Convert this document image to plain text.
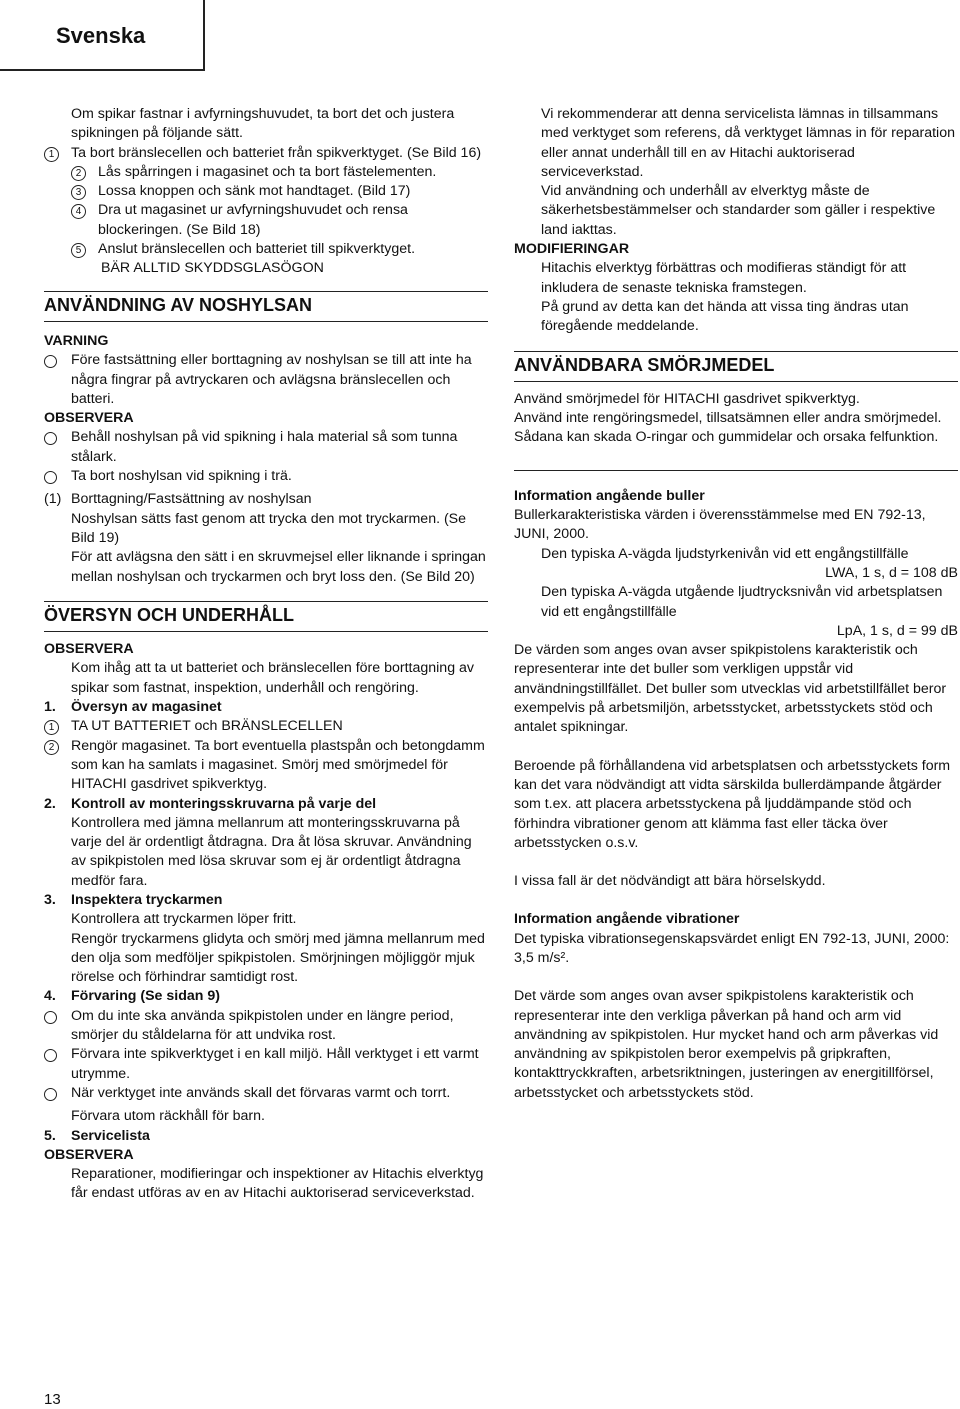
Svenska

Om spikar fastnar i avfyrningshuvudet, ta bort det och justera spikningen på följande sätt.

1	Ta bort bränslecellen och batteriet från spikverktyget. (Se Bild 16)
2	Lås spårringen i magasinet och ta bort fästelementen.
3	Lossa knoppen och sänk mot handtaget. (Bild 17)
4	Dra ut magasinet ur avfyrningshuvudet och rensa blockeringen. (Se Bild 18)
5	Anslut bränslecellen och batteriet till spikverktyget.

BÄR ALLTID SKYDDSGLASÖGON

ANVÄNDNING AV NOSHYLSAN

VARNING

Före fastsättning eller borttagning av noshylsan se till att inte ha några fingrar på avtryckaren och avlägsna bränslecellen och batteri.

OBSERVERA

Behåll noshylsan på vid spikning i hala material så som tunna stålark.
Ta bort noshylsan vid spikning i trä.
(1) Borttagning/Fastsättning av noshylsan

Noshylsan sätts fast genom att trycka den mot tryckarmen. (Se Bild 19)

För att avlägsna den sätt i en skruvmejsel eller liknande i springan mellan noshylsan och tryckarmen och bryt loss den. (Se Bild 20)

ÖVERSYN OCH UNDERHÅLL

OBSERVERA

Kom ihåg att ta ut batteriet och bränslecellen före borttagning av spikar som fastnat, inspektion, underhåll och rengöring.

1.	Översyn av magasinet
1	TA UT BATTERIET och BRÄNSLECELLEN
2	Rengör magasinet. Ta bort eventuella plastspån och betongdamm som kan ha samlats i magasinet. Smörj med smörjmedel för HITACHI gasdrivet spikverktyg.
2.	Kontroll av monteringsskruvarna på varje del

Kontrollera med jämna mellanrum att monteringsskruvarna på varje del är ordentligt åtdragna. Dra åt lösa skruvar. Användning av spikpistolen med lösa skruvar som ej är ordentligt åtdragna medför fara.

3.	Inspektera tryckarmen

Kontrollera att tryckarmen löper fritt.

Rengör tryckarmens glidyta och smörj med jämna mellanrum med den olja som medföljer spikpistolen. Smörjningen möjliggör mjuk rörelse och förhindrar samtidigt rost.

4.	Förvaring (Se sidan 9)
Om du inte ska använda spikpistolen under en längre period, smörjer du ståldelarna för att undvika rost.
Förvara inte spikverktyget i en kall miljö. Håll verktyget i ett varmt utrymme.
När verktyget inte används skall det förvaras varmt och torrt.

Förvara utom räckhåll för barn.

5.	Servicelista

OBSERVERA

Reparationer, modifieringar och inspektioner av Hitachis elverktyg får endast utföras av en av Hitachi auktoriserad serviceverkstad.

Vi rekommenderar att denna servicelista lämnas in tillsammans med verktyget som referens, då verktyget lämnas in för reparation eller annat underhåll till en av Hitachi auktoriserad serviceverkstad.

Vid användning och underhåll av elverktyg måste de säkerhetsbestämmelser och standarder som gäller i respektive land iakttas.

MODIFIERINGAR

Hitachis elverktyg förbättras och modifieras ständigt för att inkludera de senaste tekniska framstegen.

På grund av detta kan det hända att vissa ting ändras utan föregående meddelande.

ANVÄNDBARA SMÖRJMEDEL

Använd smörjmedel för HITACHI gasdrivet spikverktyg.

Använd inte rengöringsmedel, tillsatsämnen eller andra smörjmedel. Sådana kan skada O-ringar och gummidelar och orsaka felfunktion.

Information angående buller

Bullerkarakteristiska värden i överensstämmelse med EN 792-13, JUNI, 2000.

Den typiska A-vägda ljudstyrkenivån vid ett engångstillfälle

LWA, 1 s, d = 108 dB

Den typiska A-vägda utgående ljudtrycksnivån vid arbetsplatsen vid ett engångstillfälle

LpA, 1 s, d = 99 dB

De värden som anges ovan avser spikpistolens karakteristik och representerar inte det buller som verkligen uppstår vid användningstillfället. Det buller som utvecklas vid arbetstillfället beror exempelvis på arbetsmiljön, arbetsstycket, arbetsstyckets stöd och antalet spikningar.

Beroende på förhållandena vid arbetsplatsen och arbetsstyckets form kan det vara nödvändigt att vidta särskilda bullerdämpande åtgärder som t.ex. att placera arbetsstyckena på ljuddämpande stöd och förhindra vibrationer genom att klämma fast eller täcka över arbetsstycken o.s.v.

I vissa fall är det nödvändigt att bära hörselskydd.

Information angående vibrationer

Det typiska vibrationsegenskapsvärdet enligt EN 792-13, JUNI, 2000: 3,5 m/s².

Det värde som anges ovan avser spikpistolens karakteristik och representerar inte den verkliga påverkan på hand och arm vid användning av spikpistolen. Hur mycket hand och arm påverkas vid användning av spikpistolen beror exempelvis på gripkraften, kontakttryckkraften, arbetsriktningen, justeringen av energitillförsel, arbetsstycket och arbetsstyckets stöd.

13
